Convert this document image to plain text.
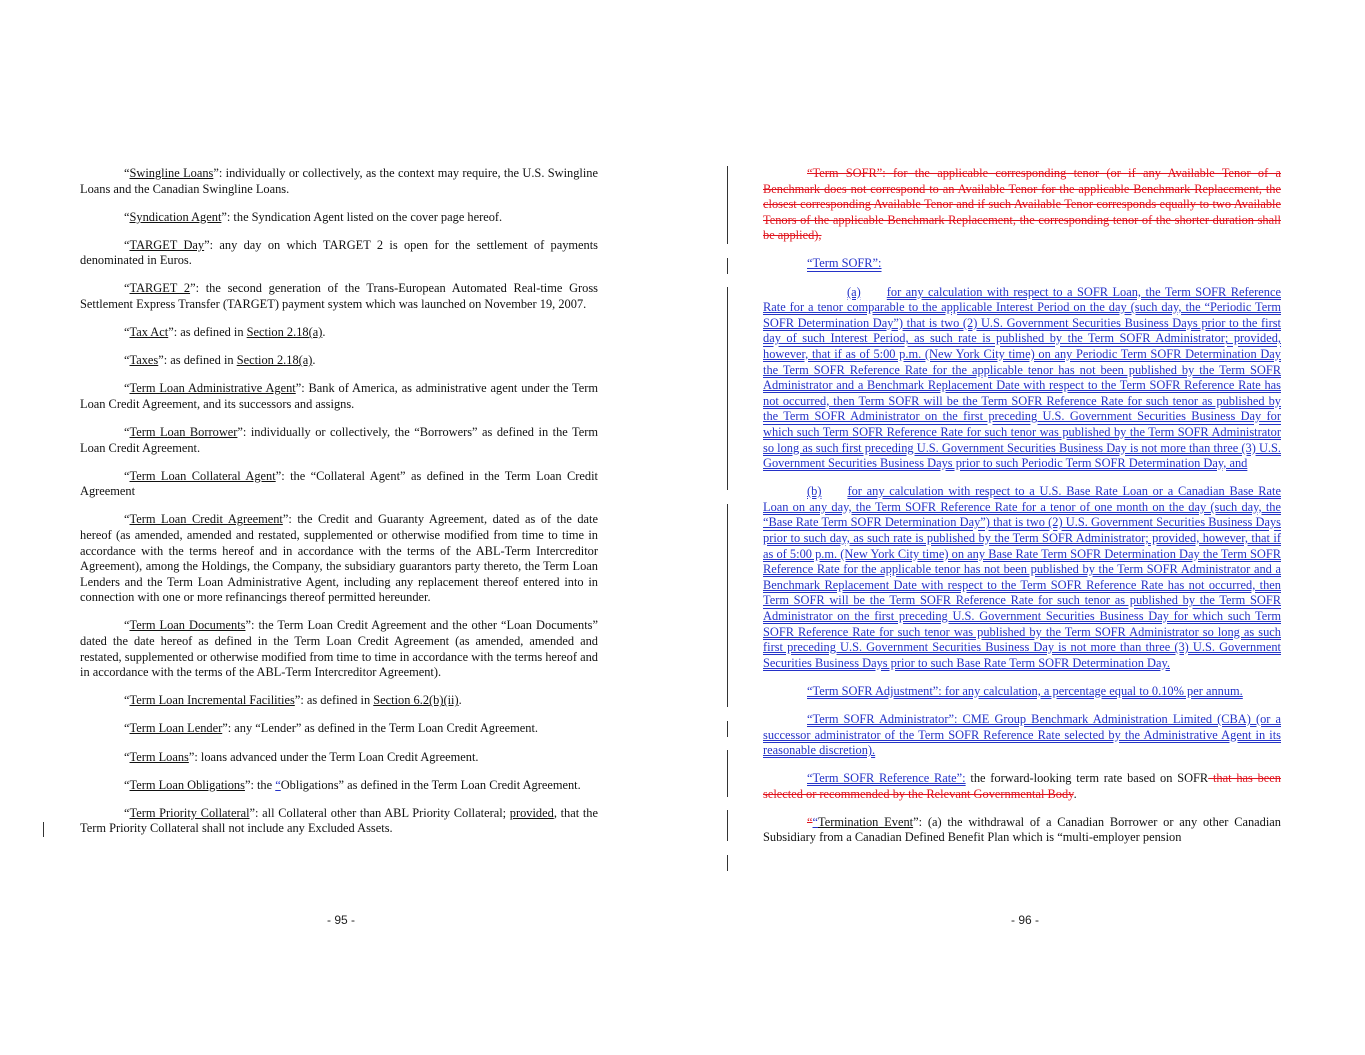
“Swingline Loans”: individually or collectively, as the context may require, the U.S. Swingline Loans and the Canadian Swingline Loans.

“Syndication Agent”: the Syndication Agent listed on the cover page hereof.

“TARGET Day”: any day on which TARGET 2 is open for the settlement of payments denominated in Euros.

“TARGET 2”: the second generation of the Trans-European Automated Real-time Gross Settlement Express Transfer (TARGET) payment system which was launched on November 19, 2007.

“Tax Act”: as defined in Section 2.18(a).

“Taxes”: as defined in Section 2.18(a).

“Term Loan Administrative Agent”: Bank of America, as administrative agent under the Term Loan Credit Agreement, and its successors and assigns.

“Term Loan Borrower”: individually or collectively, the “Borrowers” as defined in the Term Loan Credit Agreement.

“Term Loan Collateral Agent”: the “Collateral Agent” as defined in the Term Loan Credit Agreement

“Term Loan Credit Agreement”: the Credit and Guaranty Agreement, dated as of the date hereof (as amended, amended and restated, supplemented or otherwise modified from time to time in accordance with the terms hereof and in accordance with the terms of the ABL-Term Intercreditor Agreement), among the Holdings, the Company, the subsidiary guarantors party thereto, the Term Loan Lenders and the Term Loan Administrative Agent, including any replacement thereof entered into in connection with one or more refinancings thereof permitted hereunder.

“Term Loan Documents”: the Term Loan Credit Agreement and the other “Loan Documents” dated the date hereof as defined in the Term Loan Credit Agreement (as amended, amended and restated, supplemented or otherwise modified from time to time in accordance with the terms hereof and in accordance with the terms of the ABL-Term Intercreditor Agreement).

“Term Loan Incremental Facilities”: as defined in Section 6.2(b)(ii).

“Term Loan Lender”: any “Lender” as defined in the Term Loan Credit Agreement.

“Term Loans”: loans advanced under the Term Loan Credit Agreement.

“Term Loan Obligations”: the “Obligations” as defined in the Term Loan Credit Agreement.

“Term Priority Collateral”: all Collateral other than ABL Priority Collateral; provided, that the Term Priority Collateral shall not include any Excluded Assets.

- 95 -

“Term SOFR”: for the applicable corresponding tenor (or if any Available Tenor of a Benchmark does not correspond to an Available Tenor for the applicable Benchmark Replacement, the closest corresponding Available Tenor and if such Available Tenor corresponds equally to two Available Tenors of the applicable Benchmark Replacement, the corresponding tenor of the shorter duration shall be applied),

“Term SOFR”:

(a) for any calculation with respect to a SOFR Loan, the Term SOFR Reference Rate for a tenor comparable to the applicable Interest Period on the day (such day, the “Periodic Term SOFR Determination Day”) that is two (2) U.S. Government Securities Business Days prior to the first day of such Interest Period, as such rate is published by the Term SOFR Administrator; provided, however, that if as of 5:00 p.m. (New York City time) on any Periodic Term SOFR Determination Day the Term SOFR Reference Rate for the applicable tenor has not been published by the Term SOFR Administrator and a Benchmark Replacement Date with respect to the Term SOFR Reference Rate has not occurred, then Term SOFR will be the Term SOFR Reference Rate for such tenor as published by the Term SOFR Administrator on the first preceding U.S. Government Securities Business Day for which such Term SOFR Reference Rate for such tenor was published by the Term SOFR Administrator so long as such first preceding U.S. Government Securities Business Day is not more than three (3) U.S. Government Securities Business Days prior to such Periodic Term SOFR Determination Day, and

(b) for any calculation with respect to a U.S. Base Rate Loan or a Canadian Base Rate Loan on any day, the Term SOFR Reference Rate for a tenor of one month on the day (such day, the “Base Rate Term SOFR Determination Day”) that is two (2) U.S. Government Securities Business Days prior to such day, as such rate is published by the Term SOFR Administrator; provided, however, that if as of 5:00 p.m. (New York City time) on any Base Rate Term SOFR Determination Day the Term SOFR Reference Rate for the applicable tenor has not been published by the Term SOFR Administrator and a Benchmark Replacement Date with respect to the Term SOFR Reference Rate has not occurred, then Term SOFR will be the Term SOFR Reference Rate for such tenor as published by the Term SOFR Administrator on the first preceding U.S. Government Securities Business Day for which such Term SOFR Reference Rate for such tenor was published by the Term SOFR Administrator so long as such first preceding U.S. Government Securities Business Day is not more than three (3) U.S. Government Securities Business Days prior to such Base Rate Term SOFR Determination Day.

“Term SOFR Adjustment”: for any calculation, a percentage equal to 0.10% per annum.

“Term SOFR Administrator”: CME Group Benchmark Administration Limited (CBA) (or a successor administrator of the Term SOFR Reference Rate selected by the Administrative Agent in its reasonable discretion).

“Term SOFR Reference Rate”: the forward-looking term rate based on SOFR that has been selected or recommended by the Relevant Governmental Body.

““Termination Event”: (a) the withdrawal of a Canadian Borrower or any other Canadian Subsidiary from a Canadian Defined Benefit Plan which is “multi-employer pension

- 96 -
